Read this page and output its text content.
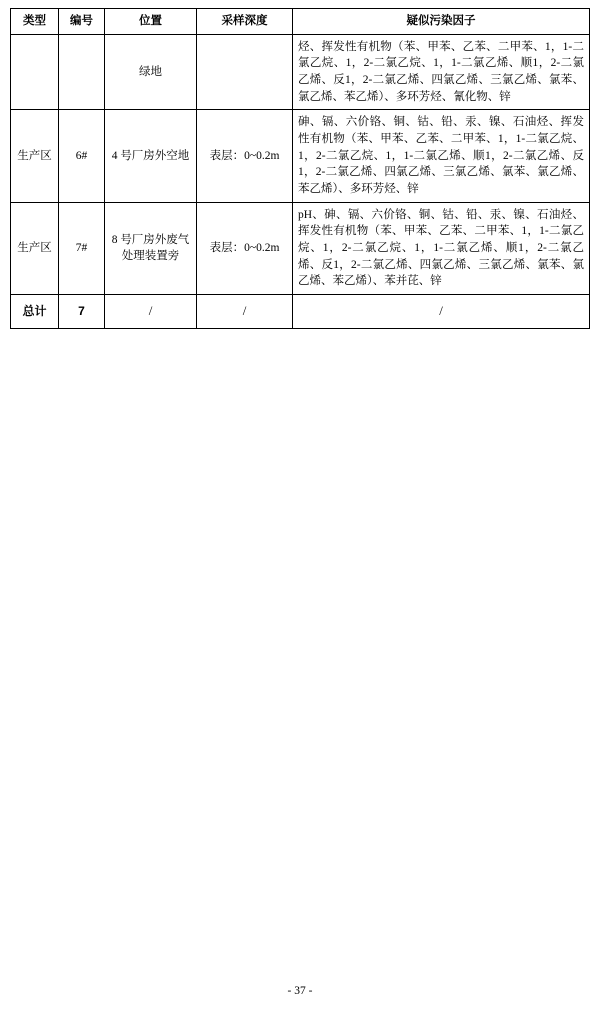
类型	编号	位置	采样深度	疑似污染因子
		绿地		烃、挥发性有机物（苯、甲苯、乙苯、二甲苯、1，1-二氯乙烷、1，2-二氯乙烷、1，1-二氯乙烯、顺1，2-二氯乙烯、反1，2-二氯乙烯、四氯乙烯、三氯乙烯、氯苯、氯乙烯、苯乙烯）、多环芳烃、氰化物、锌
生产区	6#	4 号厂房外空地	表层：0~0.2m	砷、镉、六价铬、铜、钴、铅、汞、镍、石油烃、挥发性有机物（苯、甲苯、乙苯、二甲苯、1，1-二氯乙烷、1，2-二氯乙烷、1，1-二氯乙烯、顺1，2-二氯乙烯、反1，2-二氯乙烯、四氯乙烯、三氯乙烯、氯苯、氯乙烯、苯乙烯）、多环芳烃、锌
生产区	7#	8 号厂房外废气处理装置旁	表层：0~0.2m	pH、砷、镉、六价铬、铜、钴、铅、汞、镍、石油烃、挥发性有机物（苯、甲苯、乙苯、二甲苯、1，1-二氯乙烷、1，2-二氯乙烷、1，1-二氯乙烯、顺1，2-二氯乙烯、反1，2-二氯乙烯、四氯乙烯、三氯乙烯、氯苯、氯乙烯、苯乙烯）、苯并芘、锌
总计	7	/	/	/
- 37 -
